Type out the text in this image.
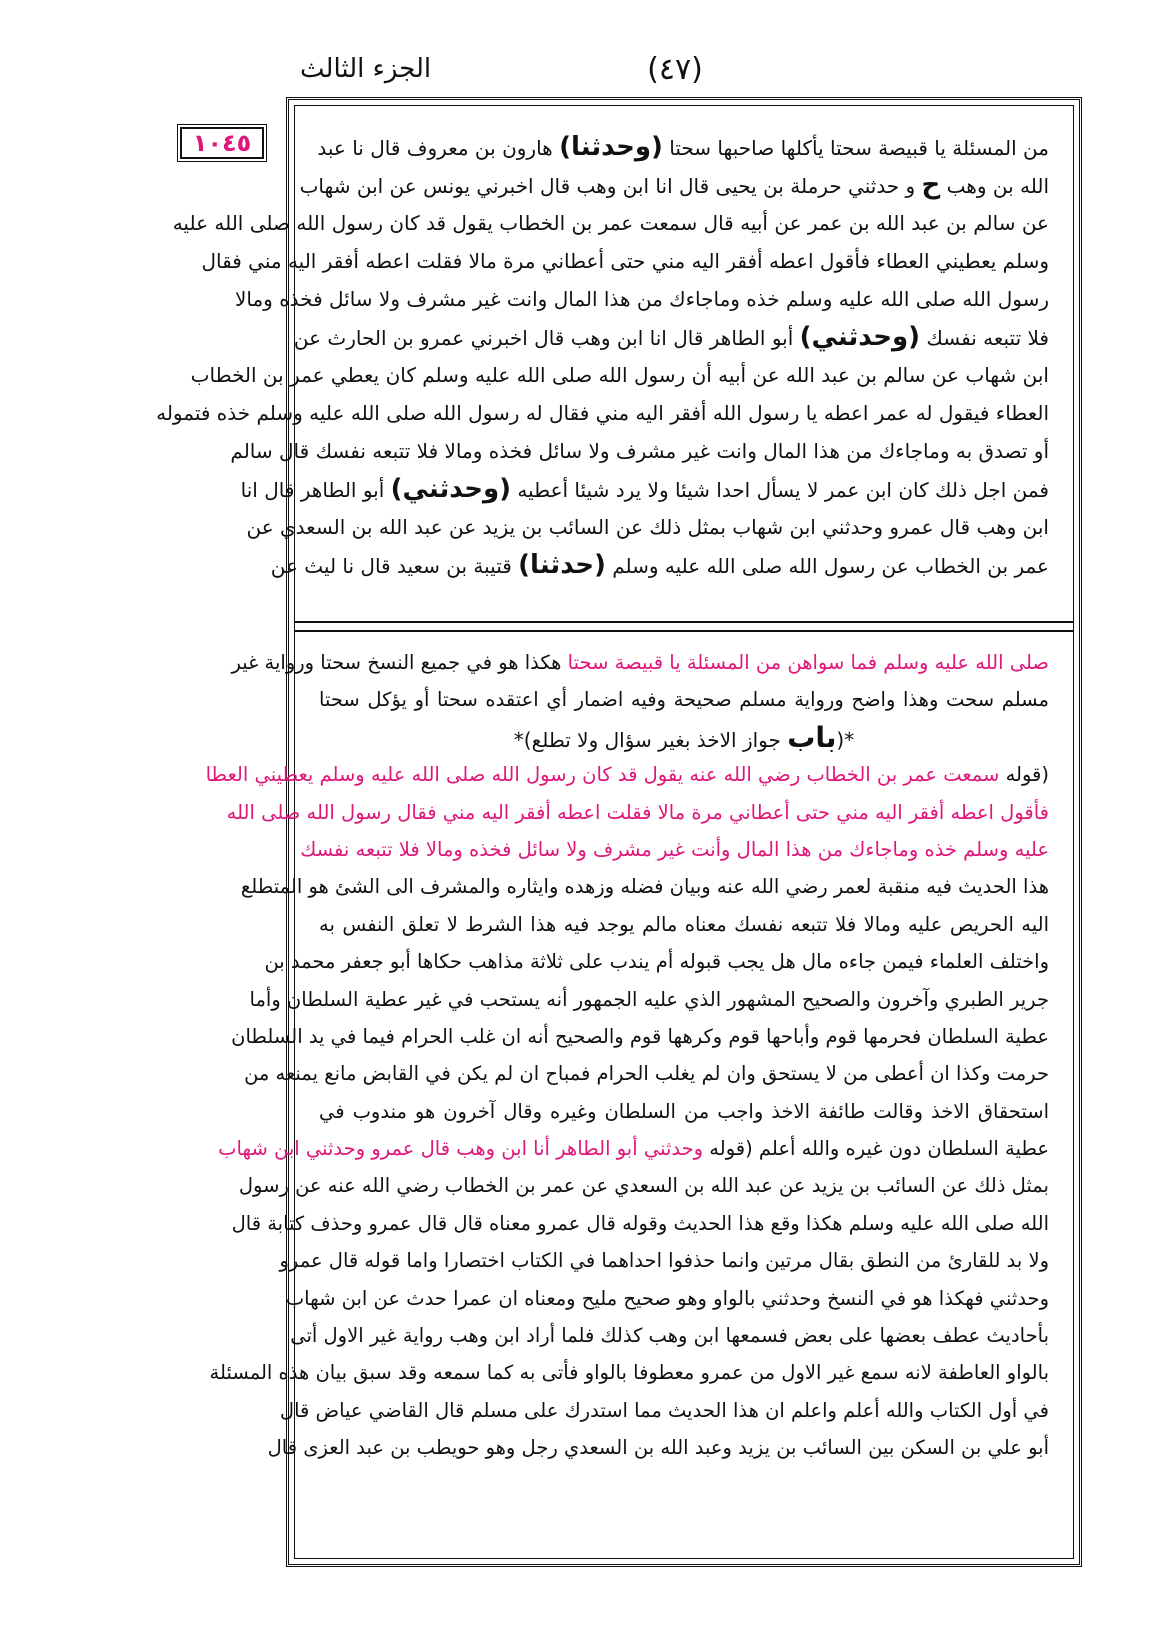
الجزء الثالث	(٤٧)
١٠٤٥	من المسئلة يا قبيصة سحتا يأكلها صاحبها سحتا (وحدثنا) هارون بن معروف قال نا عبد
الله بن وهب ح و حدثني حرملة بن يحيى قال انا ابن وهب قال اخبرني يونس عن ابن شهاب
عن سالم بن عبد الله بن عمر عن أبيه قال سمعت عمر بن الخطاب يقول قد كان رسول الله صلى الله عليه
وسلم يعطيني العطاء فأقول اعطه أفقر اليه مني حتى أعطاني مرة مالا فقلت اعطه أفقر اليه مني فقال
رسول الله صلى الله عليه وسلم خذه وماجاءك من هذا المال وانت غير مشرف ولا سائل فخذه ومالا
فلا تتبعه نفسك (وحدثني) أبو الطاهر قال انا ابن وهب قال اخبرني عمرو بن الحارث عن
ابن شهاب عن سالم بن عبد الله عن أبيه أن رسول الله صلى الله عليه وسلم كان يعطي عمر بن الخطاب
العطاء فيقول له عمر اعطه يا رسول الله أفقر اليه مني فقال له رسول الله صلى الله عليه وسلم خذه فتموله
أو تصدق به وماجاءك من هذا المال وانت غير مشرف ولا سائل فخذه ومالا فلا تتبعه نفسك قال سالم
فمن اجل ذلك كان ابن عمر لا يسأل احدا شيئا ولا يرد شيئا أعطيه (وحدثني) أبو الطاهر قال انا
ابن وهب قال عمرو وحدثني ابن شهاب بمثل ذلك عن السائب بن يزيد عن عبد الله بن السعدي عن
عمر بن الخطاب عن رسول الله صلى الله عليه وسلم (حدثنا) قتيبة بن سعيد قال نا ليث عن
صلى الله عليه وسلم فما سواهن من المسئلة يا قبيصة سحتا هكذا هو في جميع النسخ سحتا ورواية غير
مسلم سحت وهذا واضح ورواية مسلم صحيحة وفيه اضمار أي اعتقده سحتا أو يؤكل سحتا
*(باب جواز الاخذ بغير سؤال ولا تطلع)*
(قوله سمعت عمر بن الخطاب رضي الله عنه يقول قد كان رسول الله صلى الله عليه وسلم يعطيني العطا
فأقول اعطه أفقر اليه مني حتى أعطاني مرة مالا فقلت اعطه أفقر اليه مني فقال رسول الله صلى الله
عليه وسلم خذه وماجاءك من هذا المال وأنت غير مشرف ولا سائل فخذه ومالا فلا تتبعه نفسك
هذا الحديث فيه منقبة لعمر رضي الله عنه وبيان فضله وزهده وايثاره والمشرف الى الشئ هو المتطلع
اليه الحريص عليه ومالا فلا تتبعه نفسك معناه مالم يوجد فيه هذا الشرط لا تعلق النفس به
واختلف العلماء فيمن جاءه مال هل يجب قبوله أم يندب على ثلاثة مذاهب حكاها أبو جعفر محمد بن
جرير الطبري وآخرون والصحيح المشهور الذي عليه الجمهور أنه يستحب في غير عطية السلطان وأما
عطية السلطان فحرمها قوم وأباحها قوم وكرهها قوم والصحيح أنه ان غلب الحرام فيما في يد السلطان
حرمت وكذا ان أعطى من لا يستحق وان لم يغلب الحرام فمباح ان لم يكن في القابض مانع يمنعه من
استحقاق الاخذ وقالت طائفة الاخذ واجب من السلطان وغيره وقال آخرون هو مندوب في
عطية السلطان دون غيره والله أعلم (قوله وحدثني أبو الطاهر أنا ابن وهب قال عمرو وحدثني ابن شهاب
بمثل ذلك عن السائب بن يزيد عن عبد الله بن السعدي عن عمر بن الخطاب رضي الله عنه عن رسول
الله صلى الله عليه وسلم هكذا وقع هذا الحديث وقوله قال عمرو معناه قال قال عمرو وحذف كتابة قال
ولا بد للقارئ من النطق بقال مرتين وانما حذفوا احداهما في الكتاب اختصارا واما قوله قال عمرو
وحدثني فهكذا هو في النسخ وحدثني بالواو وهو صحيح مليح ومعناه ان عمرا حدث عن ابن شهاب
بأحاديث عطف بعضها على بعض فسمعها ابن وهب كذلك فلما أراد ابن وهب رواية غير الاول أتى
بالواو العاطفة لانه سمع غير الاول من عمرو معطوفا بالواو فأتى به كما سمعه وقد سبق بيان هذه المسئلة
في أول الكتاب والله أعلم واعلم ان هذا الحديث مما استدرك على مسلم قال القاضي عياض قال
أبو علي بن السكن بين السائب بن يزيد وعبد الله بن السعدي رجل وهو حويطب بن عبد العزى قال
